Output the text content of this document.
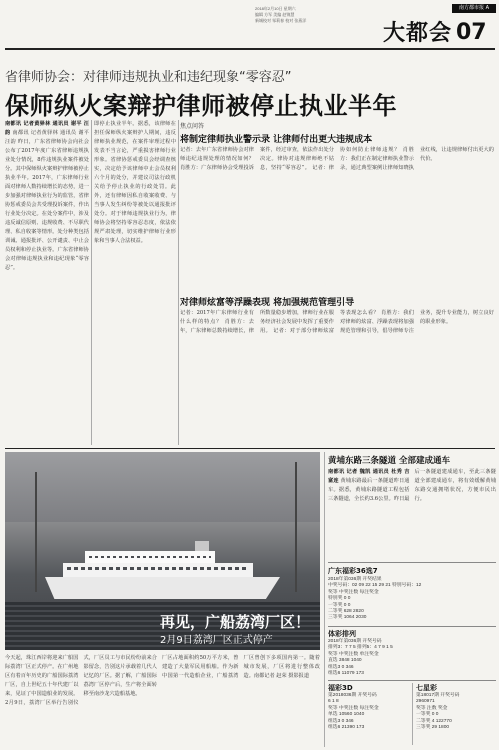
2018年2月10日 星期六
编辑 方军 美编 赵锦慧
新城校对 邹莉春 校对 张燕洋
南方都市报 A
大都会 07
省律师协会：对律师违规执业和违纪现象“零容忍”
保师纵火案辩护律师被停止执业半年
南都讯 记者黄驿林 通讯员 谢平 汪韵 南都讯 记者黄驿林 通讯员 谢平 汪韵 昨日，广东省律师协会向社会公布了2017年度广东省律师违规执业处分情况，8件违规执业案件被处分。其中保师纵火案辩护律师被停止执业半年。2017年，广东律师行业面对律师人数持续增长的态势，进一步加强对律师执业行为的监管，省律协惩戒委员会共受理投诉案件，作出行业处分决定。在处分案件中，涉及违反诚信原则、违规收费、不尽职代理、私自收案等情形。处分种类包括训诫、通报批评、公开谴责、中止会员权利和停止执业等。广东省律师协会对律师违规执业和违纪现象“零容忍”。
即停止执业半年。据悉，该律师在担任保师纵火案辩护人期间，违反律师执业规范，在案件审理过程中发表不当言论，严重损害律师行业形象。省律协惩戒委员会经调查核实，决定给予该律师中止会员权利六个月的处分，并建议司法行政机关给予停止执业的行政处罚。此外，还有律师因私自收案收费、与当事人发生纠纷等被处以通报批评处分。对于律师违规执业行为，律师协会将坚持零容忍态度，依法依规严肃处理，切实维护律师行业形象和当事人合法权益。
焦点问答
将制定律师执业警示录 让律师付出更大违规成本
记者：去年广东省律师协会对律师违纪违规处理的情况如何？ 肖胜方：广东律师协会受理投诉案件，经过审查，依法作出处分决定。律协对违规律师绝不姑息，坚持“零容忍”。 记者：律协如何防止律师违规？ 肖胜方：我们正在制定律师执业警示录，通过典型案例让律师知晓执业红线，让违规律师付出更大的代价。
对律师炫富等浮躁表现 将加强规范管理引导
记者：2017年广东律师行业有什么样的特点？ 肖胜方：去年，广东律师总数持续增长，律所数量稳步增加，律师行业在服务经济社会发展中发挥了重要作用。 记者：对于部分律师炫富等表现怎么看？ 肖胜方：我们对律师的炫富、浮躁表现将加强规范管理和引导，倡导律师专注业务，提升专业能力，树立良好的职业形象。
再见，广船荔湾厂区！
2月9日荔湾厂区正式停产
今天起，珠江西岸将迎来广船国际荔湾厂区正式停产。在广州地区有着百年历史的广船国际荔湾厂区，自上世纪五十年代建厂以来，见证了中国造船业的发展。2月9日，荔湾厂区举行告别仪式，厂区员工与市民纷纷前来合影留念，告别这片承载着几代人记忆的厂区。据了解，广船国际荔湾厂区停产后，生产将全面转移至南沙龙穴造船基地。
厂区占地面积约50万平方米，曾建造了大量军民用船舶。作为新中国第一代造船企业，广船荔湾厂区曾创下多项国内第一。随着城市发展，厂区将进行整体改造。南都记者 赵荣 摄影报道
黄埔东路三条隧道 全部建成通车
南都讯 记者 魏凯 通讯员 杜秀 吉富连 黄埔东路最后一条隧道昨日通车。据悉，黄埔东路隧道工程包括三条隧道，全长约3.6公里。昨日最后一条隧道建成通车，至此三条隧道全部建成通车，将有效缓解黄埔东路交通拥堵状况，方便市民出行。
广东福彩36选7
2018年第036期 开奖结果
中奖号码：02 09 22 15 29 21 特别号码：12
奖等 中奖注数 每注奖金
特别奖 0 0
一等奖 0 0
二等奖 628 2820
三等奖 1064 2030
体彩排列
2018年第036期 开奖号码
排列3：7 7 5 排列5：4 7 9 1 5
奖等 中奖注数 单注奖金
直选 3848 1040
组选3 0 346
组选6 11079 173
福彩3D
第2018036期 开奖号码
6 1 8
奖等 中奖注数 每注奖金
单选 10560 1040
组选3 0 346
组选6 21390 173
七星彩
第18017期 开奖号码
2960971
奖等 注数 奖金
一等奖 0 0
二等奖 4 122770
三等奖 29 1800
